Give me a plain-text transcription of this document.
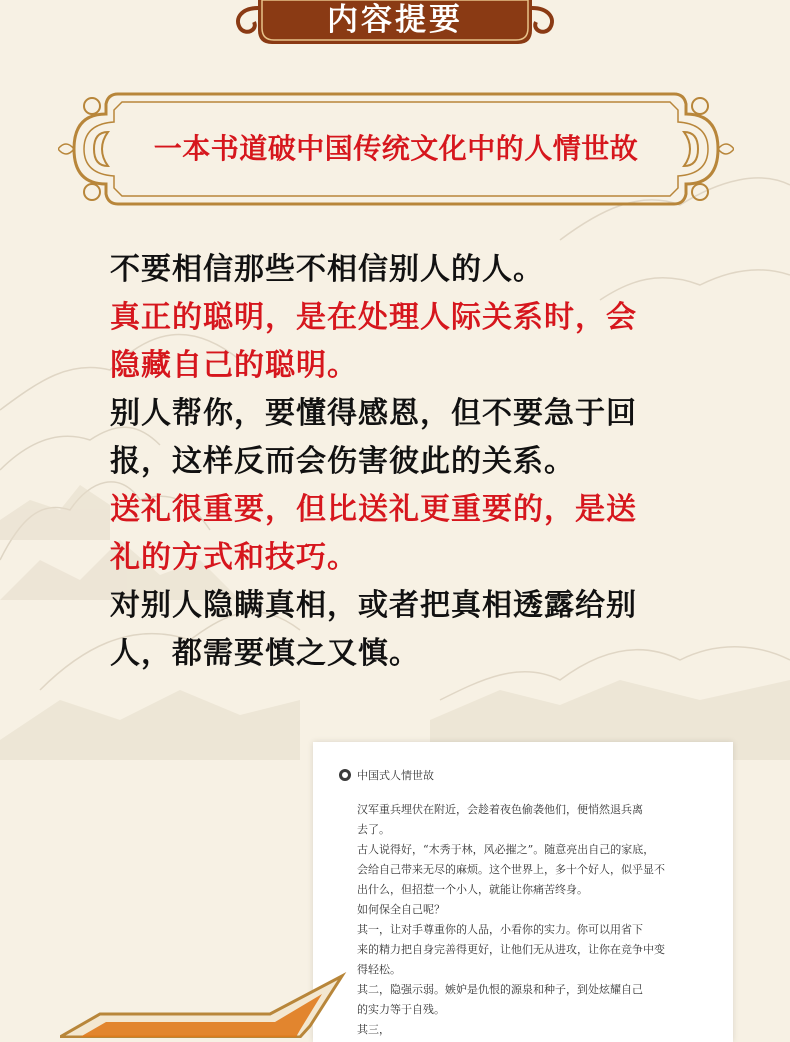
内容提要
一本书道破中国传统文化中的人情世故
不要相信那些不相信别人的人。
真正的聪明，是在处理人际关系时，会
隐藏自己的聪明。
别人帮你，要懂得感恩，但不要急于回
报，这样反而会伤害彼此的关系。
送礼很重要，但比送礼更重要的，是送
礼的方式和技巧。
对别人隐瞒真相，或者把真相透露给别
人，都需要慎之又慎。
中国式人情世故

汉军重兵埋伏在附近，会趁着夜色偷袭他们，便悄然退兵离

去了。

古人说得好，“木秀于林，风必摧之”。随意亮出自己的家底，

会给自己带来无尽的麻烦。这个世界上，多十个好人，似乎显不

出什么，但招惹一个小人，就能让你痛苦终身。

如何保全自己呢？

其一，让对手尊重你的人品，小看你的实力。你可以用省下

来的精力把自身完善得更好，让他们无从进攻，让你在竞争中变

得轻松。

其二，隐强示弱。嫉妒是仇恨的源泉和种子，到处炫耀自己

的实力等于自残。

其三，
